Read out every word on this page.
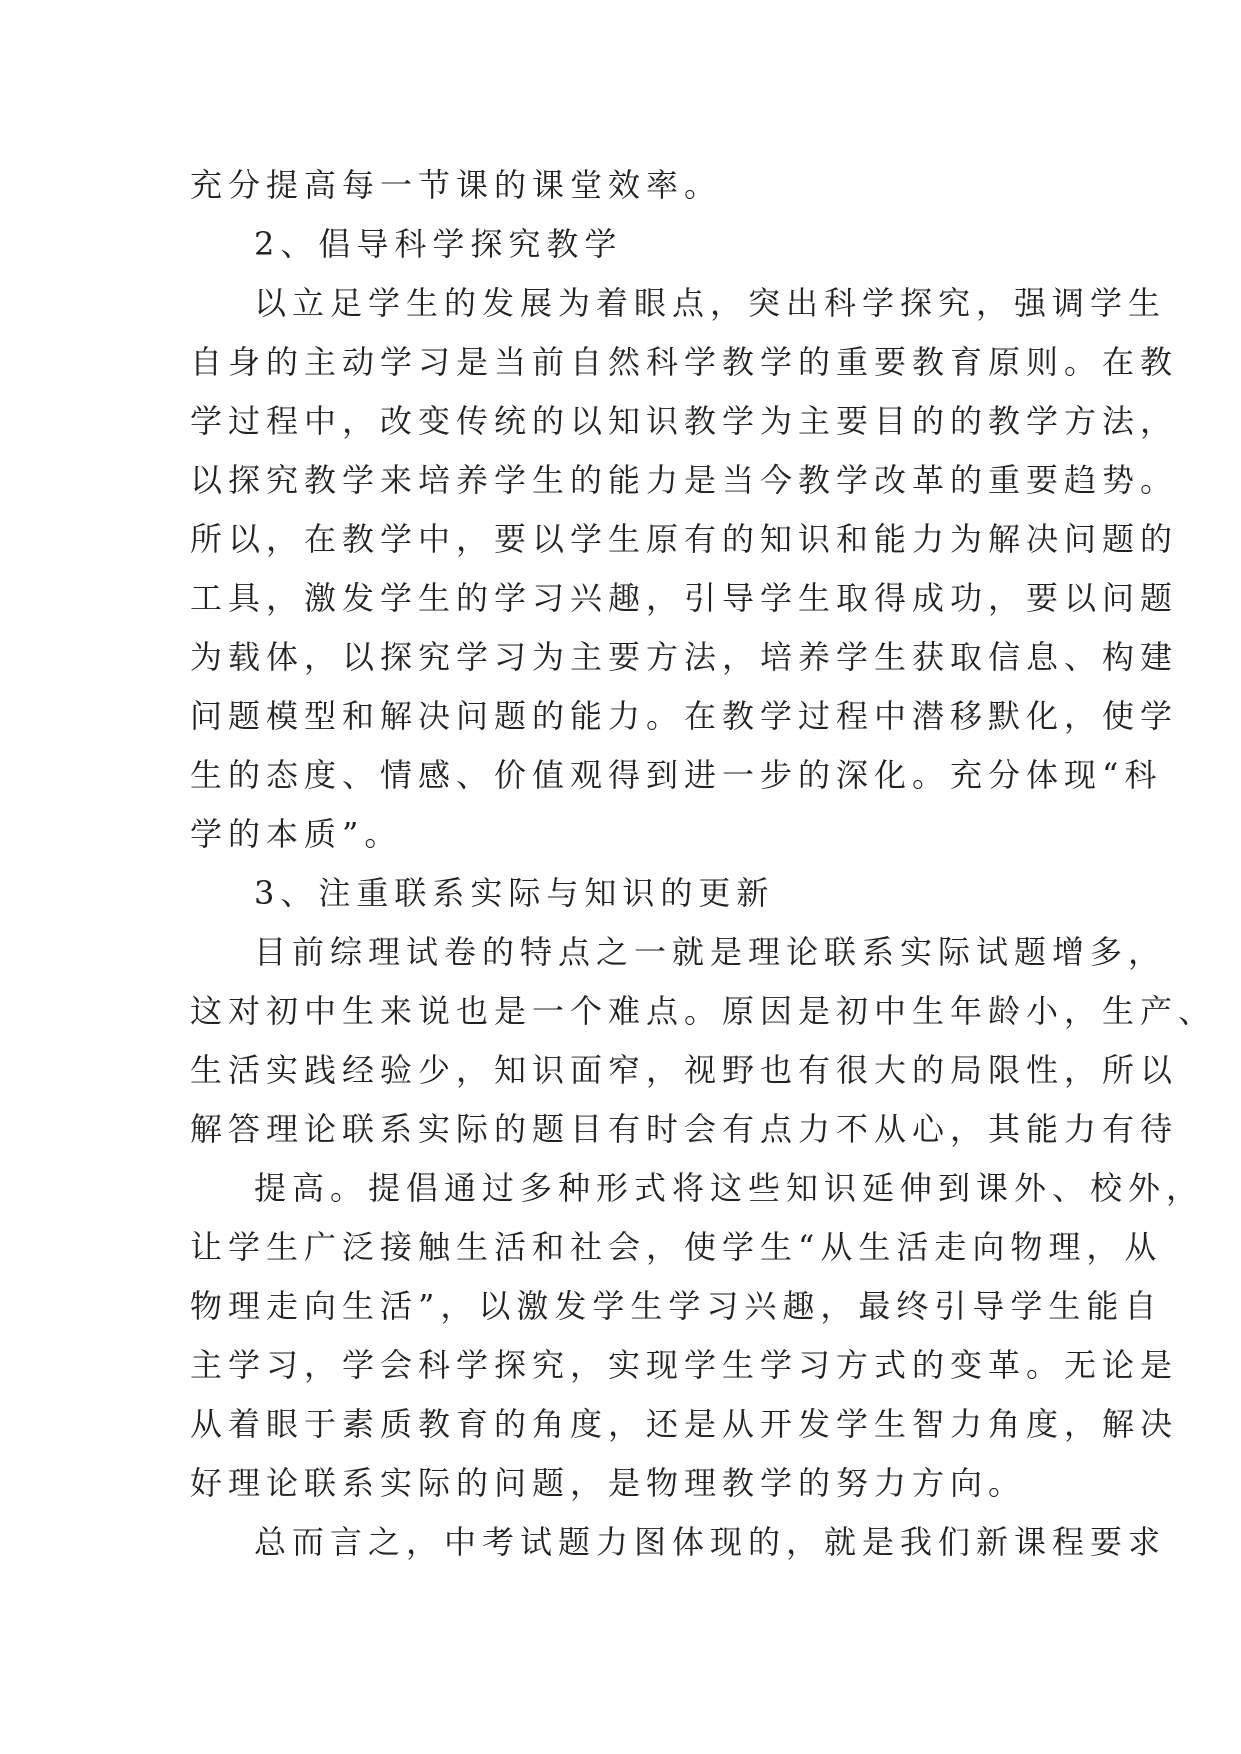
充分提高每一节课的课堂效率。
2、倡导科学探究教学
以立足学生的发展为着眼点，突出科学探究，强调学生
自身的主动学习是当前自然科学教学的重要教育原则。在教
学过程中，改变传统的以知识教学为主要目的的教学方法，
以探究教学来培养学生的能力是当今教学改革的重要趋势。
所以，在教学中，要以学生原有的知识和能力为解决问题的
工具，激发学生的学习兴趣，引导学生取得成功，要以问题
为载体，以探究学习为主要方法，培养学生获取信息、构建
问题模型和解决问题的能力。在教学过程中潜移默化，使学
生的态度、情感、价值观得到进一步的深化。充分体现“科
学的本质”。
3、注重联系实际与知识的更新
目前综理试卷的特点之一就是理论联系实际试题增多，
这对初中生来说也是一个难点。原因是初中生年龄小，生产、
生活实践经验少，知识面窄，视野也有很大的局限性，所以
解答理论联系实际的题目有时会有点力不从心，其能力有待
提高。提倡通过多种形式将这些知识延伸到课外、校外，
让学生广泛接触生活和社会，使学生“从生活走向物理，从
物理走向生活”，以激发学生学习兴趣，最终引导学生能自
主学习，学会科学探究，实现学生学习方式的变革。无论是
从着眼于素质教育的角度，还是从开发学生智力角度，解决
好理论联系实际的问题，是物理教学的努力方向。
总而言之，中考试题力图体现的，就是我们新课程要求
